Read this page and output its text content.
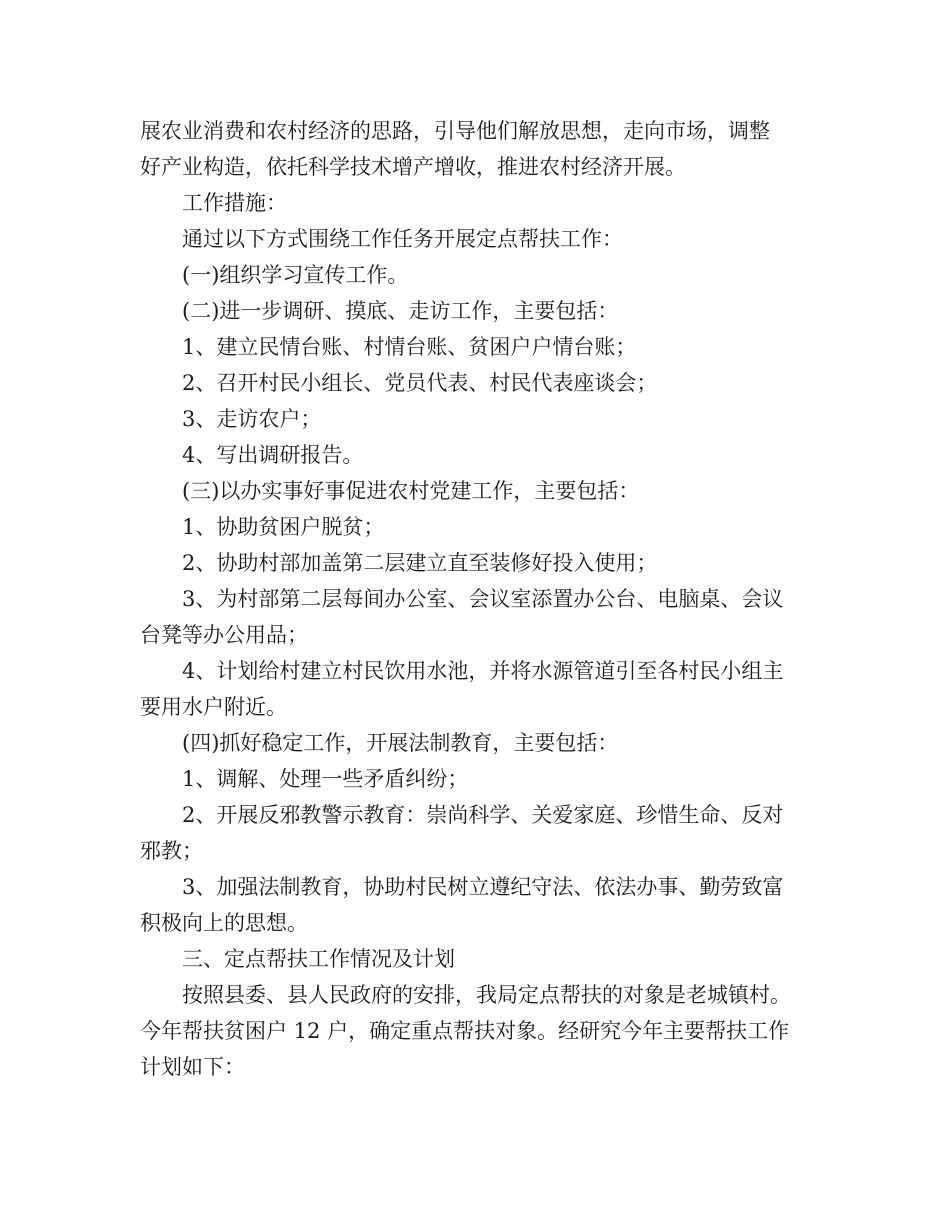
展农业消费和农村经济的思路，引导他们解放思想，走向市场，调整

好产业构造，依托科学技术增产增收，推进农村经济开展。

工作措施：

通过以下方式围绕工作任务开展定点帮扶工作：

(一)组织学习宣传工作。

(二)进一步调研、摸底、走访工作，主要包括：

1、建立民情台账、村情台账、贫困户户情台账；

2、召开村民小组长、党员代表、村民代表座谈会；

3、走访农户；

4、写出调研报告。

(三)以办实事好事促进农村党建工作，主要包括：

1、协助贫困户脱贫；

2、协助村部加盖第二层建立直至装修好投入使用；

3、为村部第二层每间办公室、会议室添置办公台、电脑桌、会议

台凳等办公用品；

4、计划给村建立村民饮用水池，并将水源管道引至各村民小组主

要用水户附近。

(四)抓好稳定工作，开展法制教育，主要包括：

1、调解、处理一些矛盾纠纷；

2、开展反邪教警示教育：崇尚科学、关爱家庭、珍惜生命、反对

邪教；

3、加强法制教育，协助村民树立遵纪守法、依法办事、勤劳致富

积极向上的思想。

三、定点帮扶工作情况及计划

按照县委、县人民政府的安排，我局定点帮扶的对象是老城镇村。

今年帮扶贫困户 12 户，确定重点帮扶对象。经研究今年主要帮扶工作

计划如下：
